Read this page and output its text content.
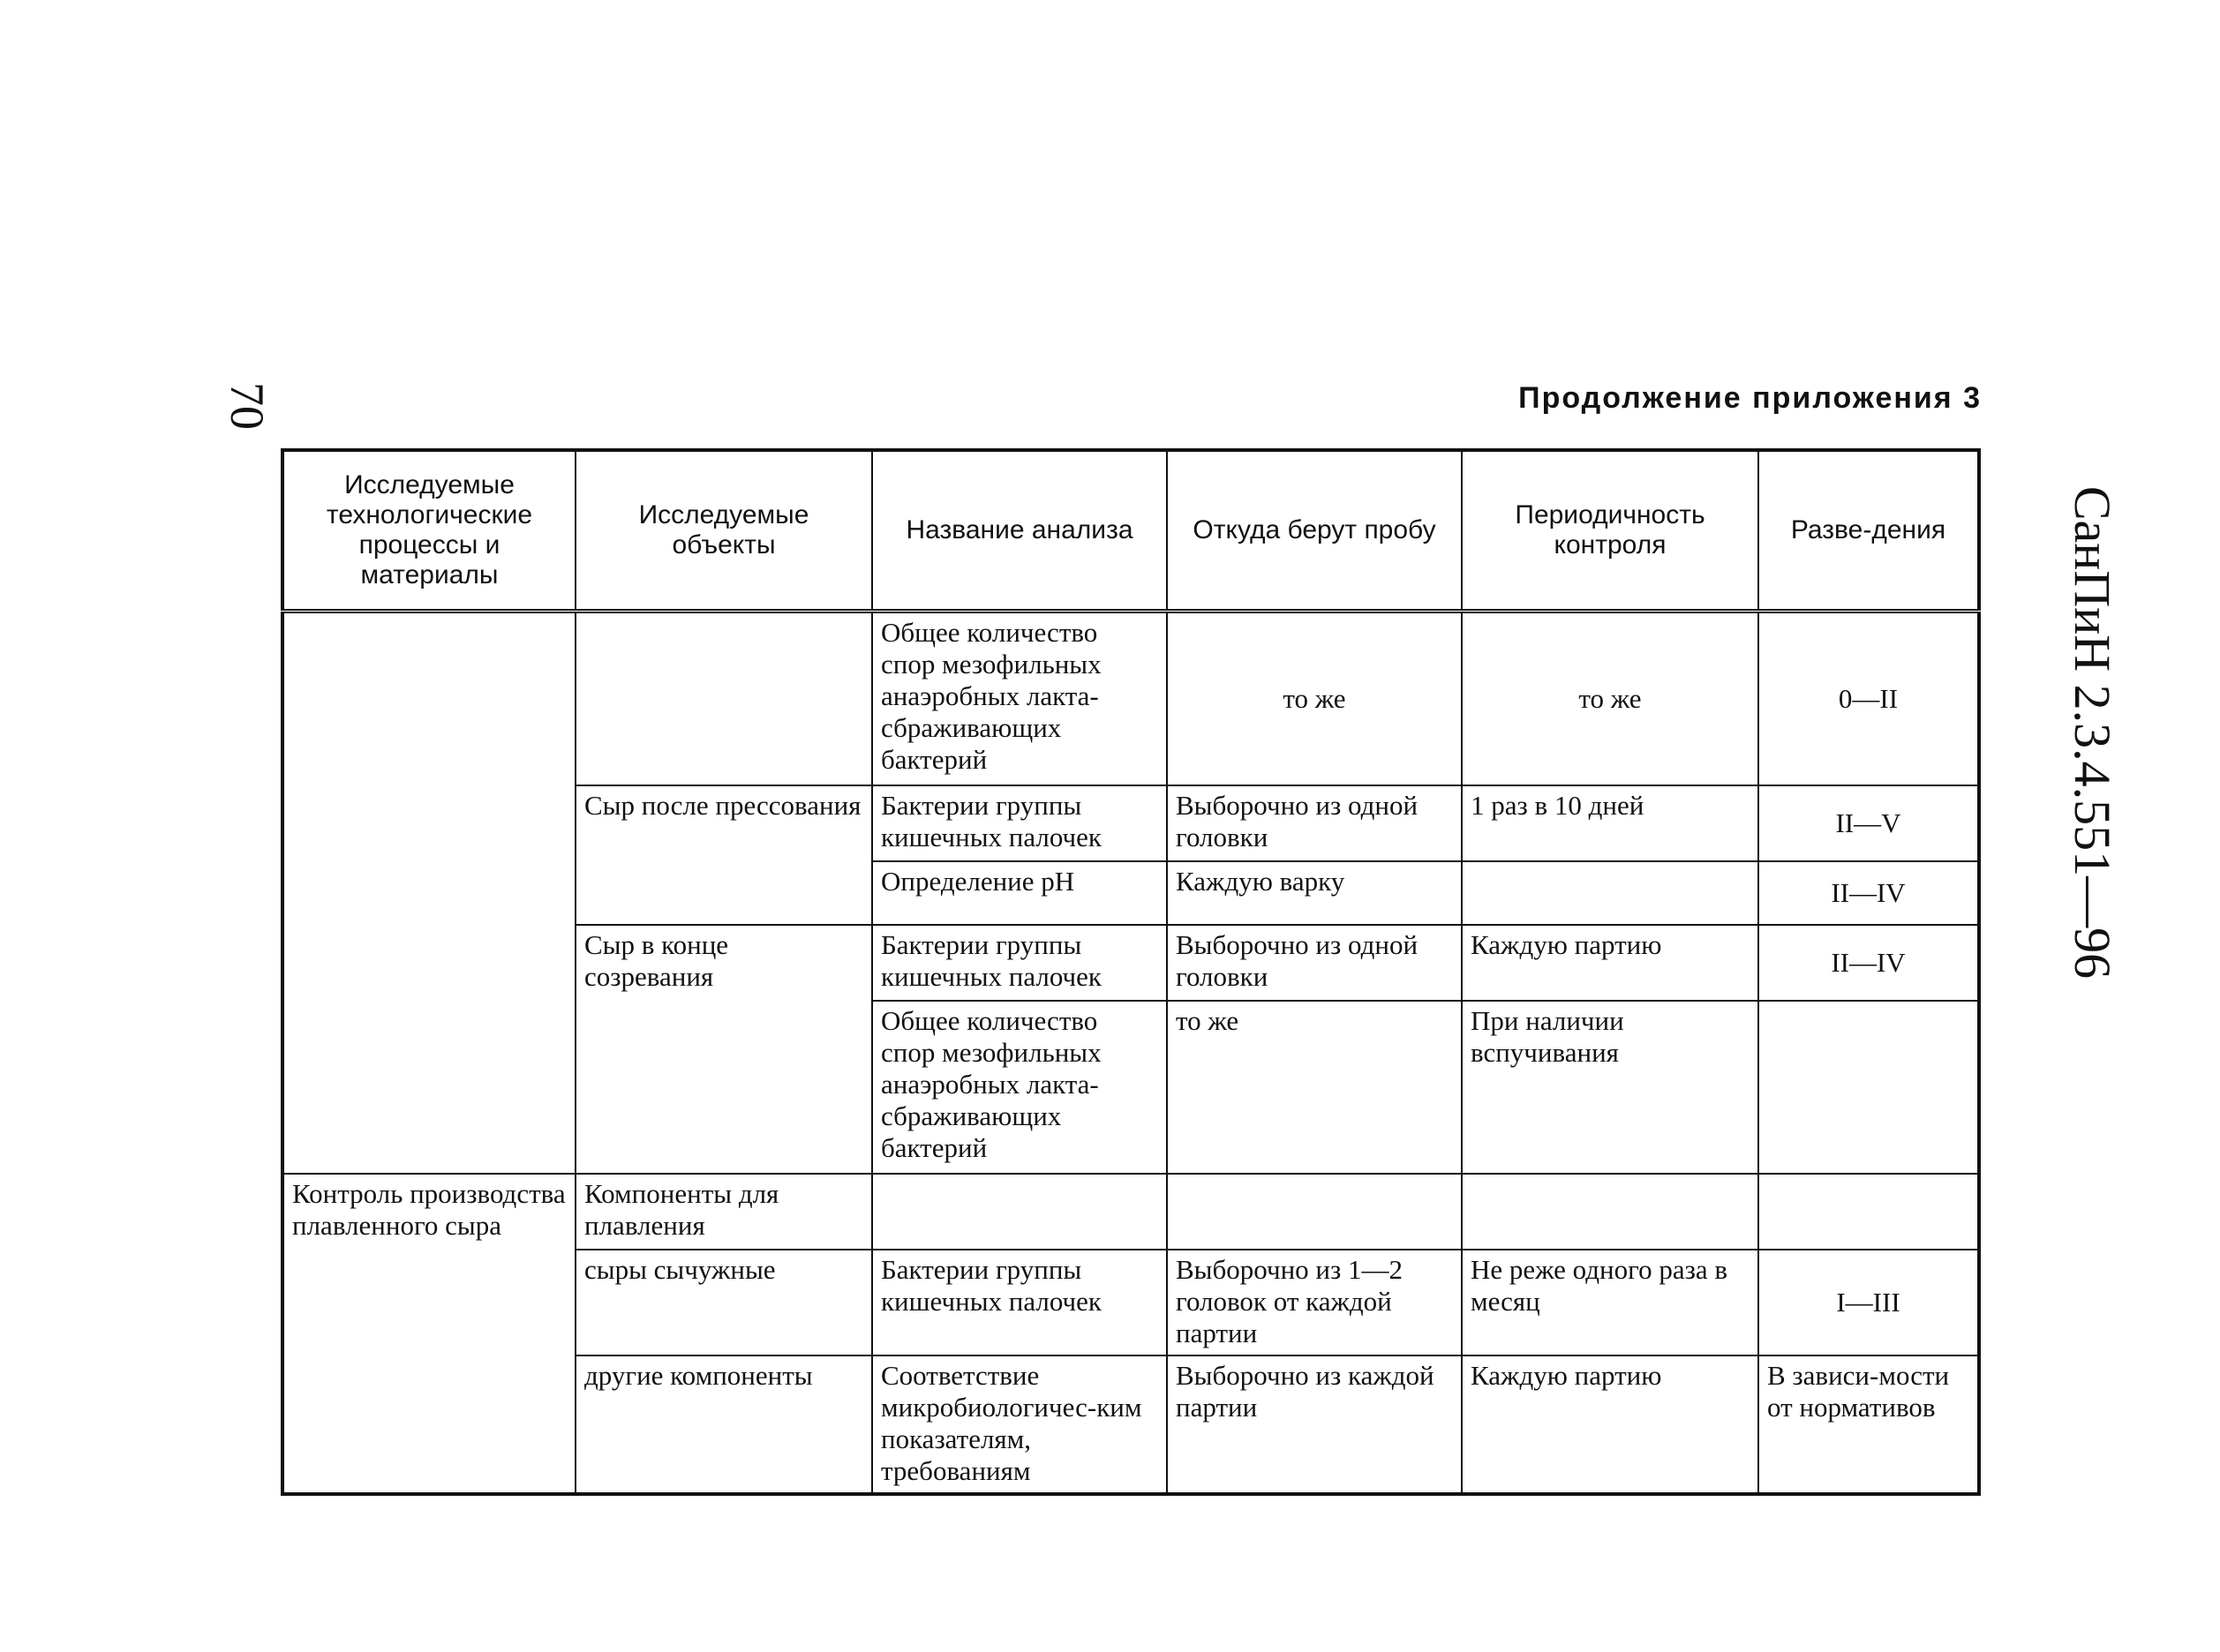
70
СанПиН 2.3.4.551—96
Продолжение приложения 3
Исследуемые технологические процессы и материалы	Исследуемые объекты	Название анализа	Откуда берут пробу	Периодичность контроля	Разве-дения
		Общее количество спор мезофильных анаэробных лакта-сбраживающих бактерий	то же	то же	0—II
	Сыр после прессования	Бактерии группы кишечных палочек	Выборочно из одной головки	1 раз в 10 дней	II—V
		Определение pH	Каждую варку		II—IV
	Сыр в конце созревания	Бактерии группы кишечных палочек	Выборочно из одной головки	Каждую партию	II—IV
		Общее количество спор мезофильных анаэробных лакта-сбраживающих бактерий	то же	При наличии вспучивания	
Контроль производства плавленного сыра	Компоненты для плавления				
	сыры сычужные	Бактерии группы кишечных палочек	Выборочно из 1—2 головок от каждой партии	Не реже одного раза в месяц	I—III
	другие компоненты	Соответствие микробиологичес-ким показателям, требованиям	Выборочно из каждой партии	Каждую партию	В зависи-мости от нормативов
